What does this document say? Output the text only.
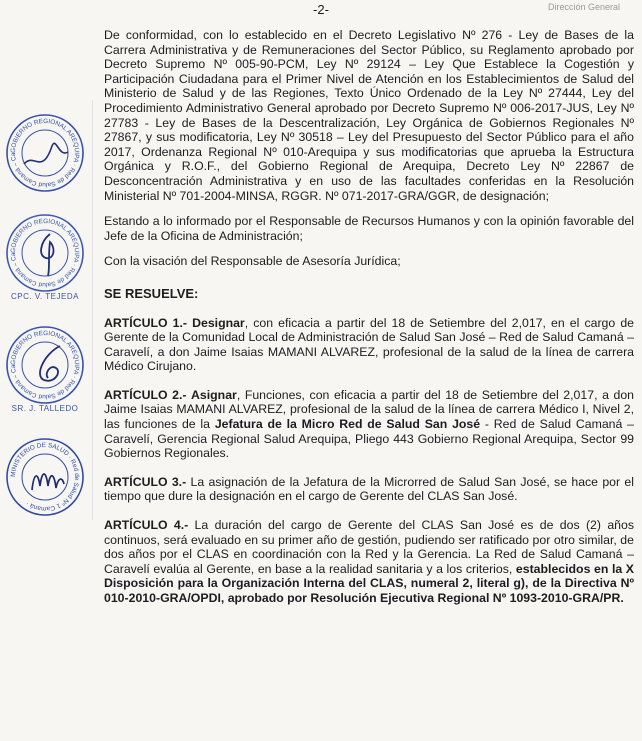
-2-	Dirección General
GOBIERNO REGIONAL AREQUIPA · Red de Salud Camaná – Ca
GOBIERNO REGIONAL AREQUIPA · Red de Salud Camaná – Ca
CPC. V. TEJEDA
GOBIERNO REGIONAL AREQUIPA · Red de Salud Camaná – Ca
SR. J. TALLEDO
MINISTERIO DE SALUD · Red de Salud Nº 1 Camaná ·

De conformidad, con lo establecido en el Decreto Legislativo Nº 276 - Ley de Bases de la Carrera Administrativa y de Remuneraciones del Sector Público, su Reglamento aprobado por Decreto Supremo Nº 005-90-PCM, Ley Nº 29124 – Ley Que Establece la Cogestión y Participación Ciudadana para el Primer Nivel de Atención en los Establecimientos de Salud del Ministerio de Salud y de las Regiones, Texto Único Ordenado de la Ley Nº 27444, Ley del Procedimiento Administrativo General aprobado por Decreto Supremo Nº 006-2017-JUS, Ley Nº 27783 - Ley de Bases de la Descentralización, Ley Orgánica de Gobiernos Regionales Nº 27867, y sus modificatoria, Ley Nº 30518 – Ley del Presupuesto del Sector Público para el año 2017, Ordenanza Regional Nº 010-Arequipa y sus modificatorias que aprueba la Estructura Orgánica y R.O.F., del Gobierno Regional de Arequipa, Decreto Ley Nº 22867 de Desconcentración Administrativa y en uso de las facultades conferidas en la Resolución Ministerial Nº 701-2004-MINSA, RGGR. Nº 071-2017-GRA/GGR, de designación;

Estando a lo informado por el Responsable de Recursos Humanos y con la opinión favorable del Jefe de la Oficina de Administración;

Con la visación del Responsable de Asesoría Jurídica;

SE RESUELVE:

ARTÍCULO 1.- Designar, con eficacia a partir del 18 de Setiembre del 2,017, en el cargo de Gerente de la Comunidad Local de Administración de Salud San José – Red de Salud Camaná – Caravelí, a don Jaime Isaias MAMANI ALVAREZ, profesional de la salud de la línea de carrera Médico Cirujano.

ARTÍCULO 2.- Asignar, Funciones, con eficacia a partir del 18 de Setiembre del 2,017, a don Jaime Isaias MAMANI ALVAREZ, profesional de la salud de la línea de carrera Médico I, Nivel 2, las funciones de la Jefatura de la Micro Red de Salud San José - Red de Salud Camaná – Caravelí, Gerencia Regional Salud Arequipa, Pliego 443 Gobierno Regional Arequipa, Sector 99 Gobiernos Regionales.

ARTÍCULO 3.- La asignación de la Jefatura de la Microrred de Salud San José, se hace por el tiempo que dure la designación en el cargo de Gerente del CLAS San José.

ARTÍCULO 4.- La duración del cargo de Gerente del CLAS San José es de dos (2) años continuos, será evaluado en su primer año de gestión, pudiendo ser ratificado por otro similar, de dos años por el CLAS en coordinación con la Red y la Gerencia. La Red de Salud Camaná – Caravelí evalúa al Gerente, en base a la realidad sanitaria y a los criterios, establecidos en la X Disposición para la Organización Interna del CLAS, numeral 2, literal g), de la Directiva Nº 010-2010-GRA/OPDI, aprobado por Resolución Ejecutiva Regional Nº 1093-2010-GRA/PR.
